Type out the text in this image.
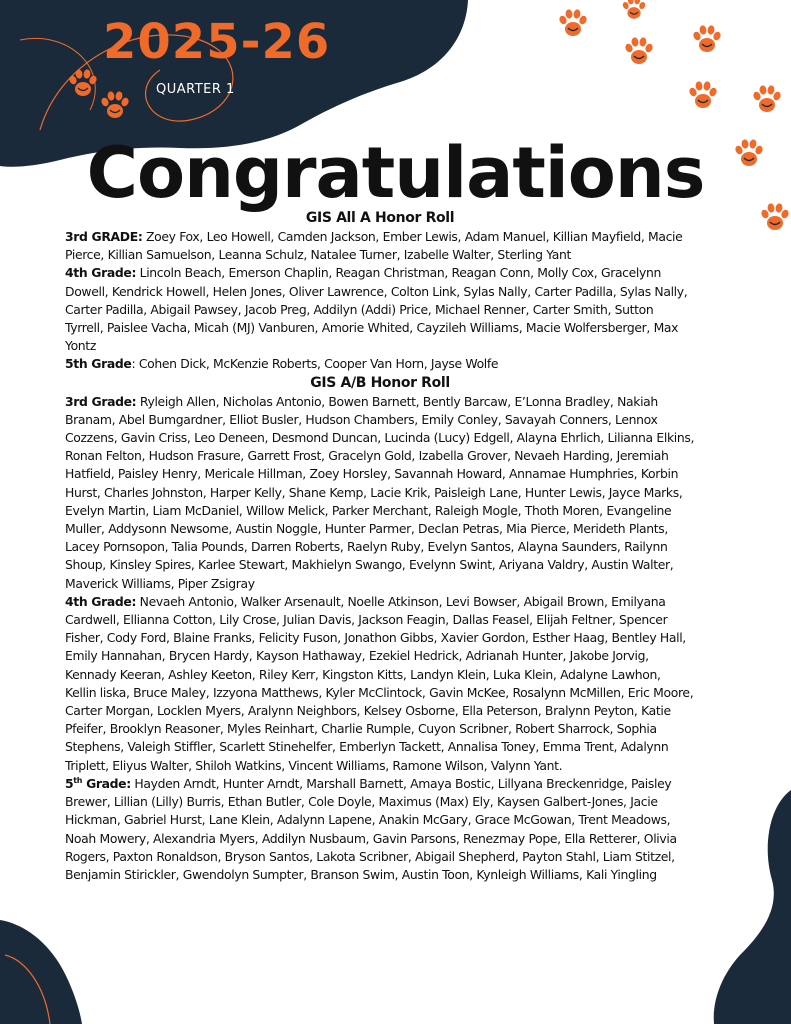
2025-26
QUARTER 1
Congratulations

GIS All A Honor Roll

3rd GRADE: Zoey Fox, Leo Howell, Camden Jackson, Ember Lewis, Adam Manuel, Killian Mayfield, Macie Pierce, Killian Samuelson, Leanna Schulz, Natalee Turner, Izabelle Walter, Sterling Yant

4th Grade: Lincoln Beach, Emerson Chaplin, Reagan Christman, Reagan Conn, Molly Cox, Gracelynn Dowell, Kendrick Howell, Helen Jones, Oliver Lawrence, Colton Link, Sylas Nally, Carter Padilla, Sylas Nally, Carter Padilla, Abigail Pawsey, Jacob Preg, Addilyn (Addi) Price, Michael Renner, Carter Smith, Sutton Tyrrell, Paislee Vacha, Micah (MJ) Vanburen, Amorie Whited, Cayzileh Williams, Macie Wolfersberger, Max Yontz

5th Grade: Cohen Dick, McKenzie Roberts, Cooper Van Horn, Jayse Wolfe

GIS A/B Honor Roll

3rd Grade: Ryleigh Allen, Nicholas Antonio, Bowen Barnett, Bently Barcaw, E’Lonna Bradley, Nakiah Branam, Abel Bumgardner, Elliot Busler, Hudson Chambers, Emily Conley, Savayah Conners, Lennox Cozzens, Gavin Criss, Leo Deneen, Desmond Duncan, Lucinda (Lucy) Edgell, Alayna Ehrlich, Lilianna Elkins, Ronan Felton, Hudson Frasure, Garrett Frost, Gracelyn Gold, Izabella Grover, Nevaeh Harding, Jeremiah Hatfield, Paisley Henry, Mericale Hillman, Zoey Horsley, Savannah Howard, Annamae Humphries, Korbin Hurst, Charles Johnston, Harper Kelly, Shane Kemp, Lacie Krik, Paisleigh Lane, Hunter Lewis, Jayce Marks, Evelyn Martin, Liam McDaniel, Willow Melick, Parker Merchant, Raleigh Mogle, Thoth Moren, Evangeline Muller, Addysonn Newsome, Austin Noggle, Hunter Parmer, Declan Petras, Mia Pierce, Merideth Plants, Lacey Pornsopon, Talia Pounds, Darren Roberts, Raelyn Ruby, Evelyn Santos, Alayna Saunders, Railynn Shoup, Kinsley Spires, Karlee Stewart, Makhielyn Swango, Evelynn Swint, Ariyana Valdry, Austin Walter, Maverick Williams, Piper Zsigray

4th Grade: Nevaeh Antonio, Walker Arsenault, Noelle Atkinson, Levi Bowser, Abigail Brown, Emilyana Cardwell, Ellianna Cotton, Lily Crose, Julian Davis, Jackson Feagin, Dallas Feasel, Elijah Feltner, Spencer Fisher, Cody Ford, Blaine Franks, Felicity Fuson, Jonathon Gibbs, Xavier Gordon, Esther Haag, Bentley Hall, Emily Hannahan, Brycen Hardy, Kayson Hathaway, Ezekiel Hedrick, Adrianah Hunter, Jakobe Jorvig, Kennady Keeran, Ashley Keeton, Riley Kerr, Kingston Kitts, Landyn Klein, Luka Klein, Adalyne Lawhon, Kellin liska, Bruce Maley, Izzyona Matthews, Kyler McClintock, Gavin McKee, Rosalynn McMillen, Eric Moore, Carter Morgan, Locklen Myers, Aralynn Neighbors, Kelsey Osborne, Ella Peterson, Bralynn Peyton, Katie Pfeifer, Brooklyn Reasoner, Myles Reinhart, Charlie Rumple, Cuyon Scribner, Robert Sharrock, Sophia Stephens, Valeigh Stiffler, Scarlett Stinehelfer, Emberlyn Tackett, Annalisa Toney, Emma Trent, Adalynn Triplett, Eliyus Walter, Shiloh Watkins, Vincent Williams, Ramone Wilson, Valynn Yant.

5th Grade: Hayden Arndt, Hunter Arndt, Marshall Barnett, Amaya Bostic, Lillyana Breckenridge, Paisley Brewer, Lillian (Lilly) Burris, Ethan Butler, Cole Doyle, Maximus (Max) Ely, Kaysen Galbert-Jones, Jacie Hickman, Gabriel Hurst, Lane Klein, Adalynn Lapene, Anakin McGary, Grace McGowan, Trent Meadows, Noah Mowery, Alexandria Myers, Addilyn Nusbaum, Gavin Parsons, Renezmay Pope, Ella Retterer, Olivia Rogers, Paxton Ronaldson, Bryson Santos, Lakota Scribner, Abigail Shepherd, Payton Stahl, Liam Stitzel, Benjamin Stirickler, Gwendolyn Sumpter, Branson Swim, Austin Toon, Kynleigh Williams, Kali Yingling
